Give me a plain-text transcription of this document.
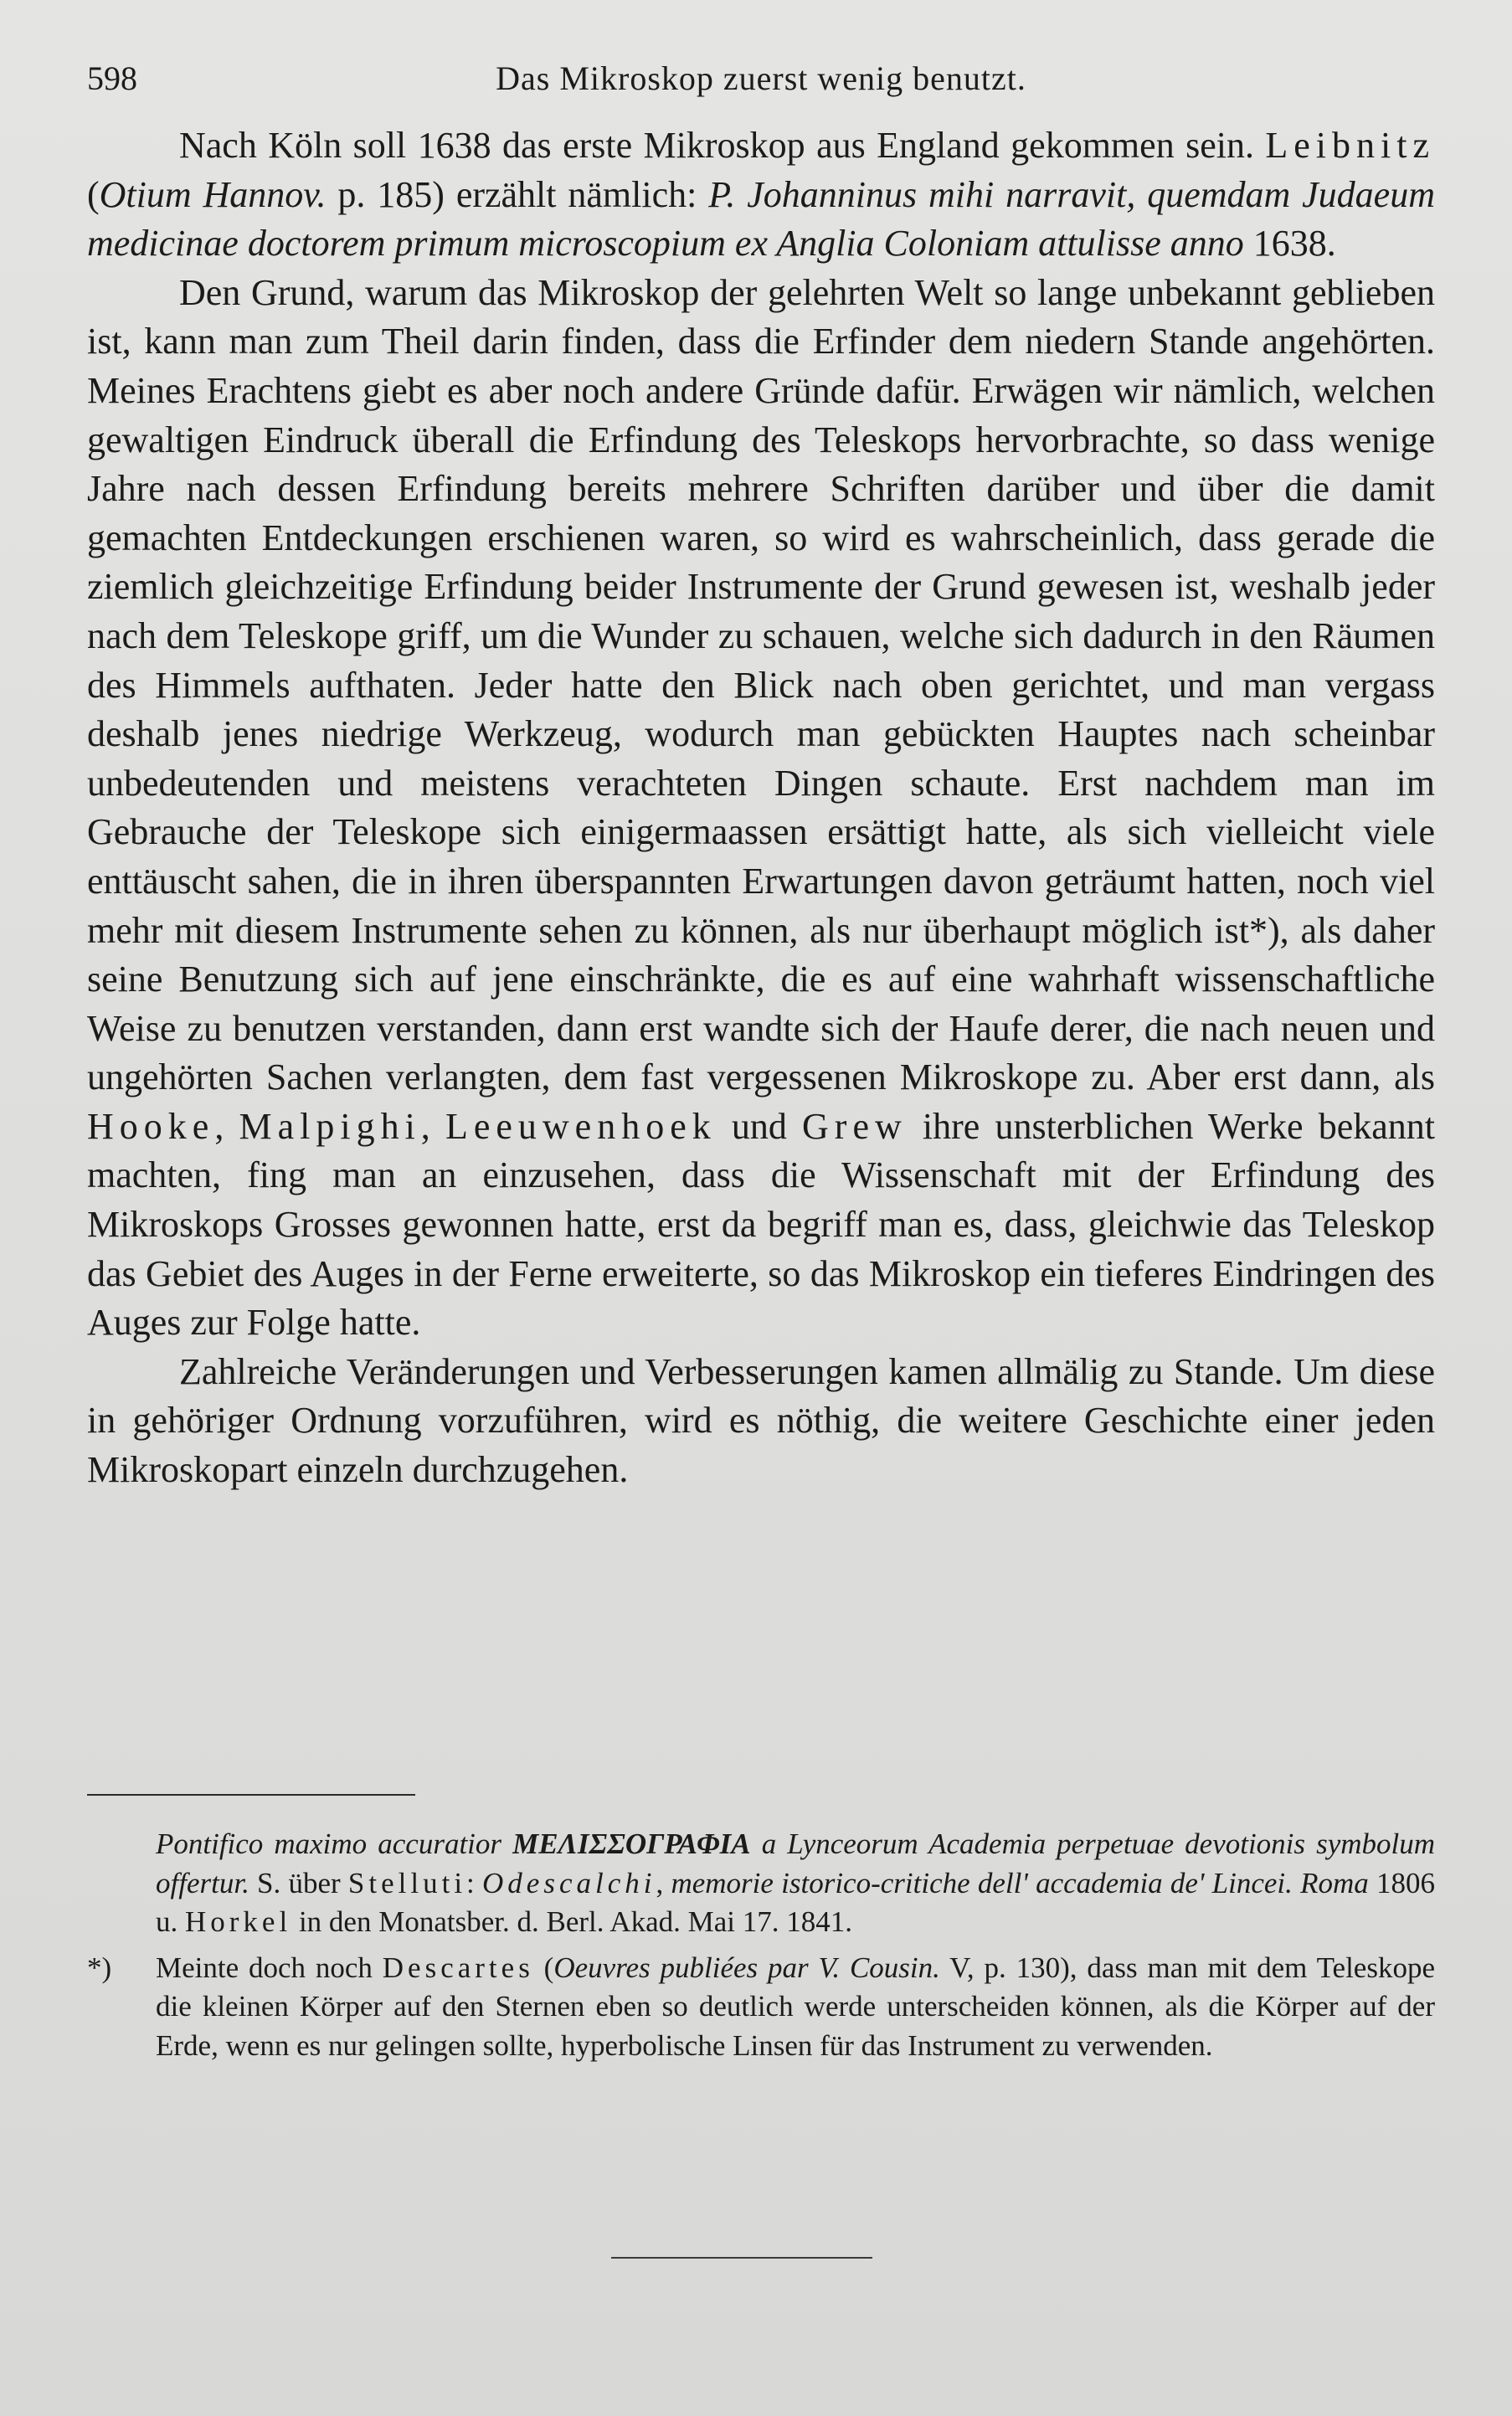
598	Das Mikroskop zuerst wenig benutzt.

Nach Köln soll 1638 das erste Mikroskop aus England gekommen sein. Leibnitz (Otium Hannov. p. 185) erzählt nämlich: P. Johanninus mihi narravit, quemdam Judaeum medicinae doctorem primum microscopium ex Anglia Coloniam attulisse anno 1638.

Den Grund, warum das Mikroskop der gelehrten Welt so lange unbekannt geblieben ist, kann man zum Theil darin finden, dass die Erfinder dem niedern Stande angehörten. Meines Erachtens giebt es aber noch andere Gründe dafür. Erwägen wir nämlich, welchen gewaltigen Eindruck überall die Erfindung des Teleskops hervorbrachte, so dass wenige Jahre nach dessen Erfindung bereits mehrere Schriften darüber und über die damit gemachten Entdeckungen erschienen waren, so wird es wahrscheinlich, dass gerade die ziemlich gleichzeitige Erfindung beider Instrumente der Grund gewesen ist, weshalb jeder nach dem Teleskope griff, um die Wunder zu schauen, welche sich dadurch in den Räumen des Himmels aufthaten. Jeder hatte den Blick nach oben gerichtet, und man vergass deshalb jenes niedrige Werkzeug, wodurch man gebückten Hauptes nach scheinbar unbedeutenden und meistens verachteten Dingen schaute. Erst nachdem man im Gebrauche der Teleskope sich einigermaassen ersättigt hatte, als sich vielleicht viele enttäuscht sahen, die in ihren überspannten Erwartungen davon geträumt hatten, noch viel mehr mit diesem Instrumente sehen zu können, als nur überhaupt möglich ist*), als daher seine Benutzung sich auf jene einschränkte, die es auf eine wahrhaft wissenschaftliche Weise zu benutzen verstanden, dann erst wandte sich der Haufe derer, die nach neuen und ungehörten Sachen verlangten, dem fast vergessenen Mikroskope zu. Aber erst dann, als Hooke, Malpighi, Leeuwenhoek und Grew ihre unsterblichen Werke bekannt machten, fing man an einzusehen, dass die Wissenschaft mit der Erfindung des Mikroskops Grosses gewonnen hatte, erst da begriff man es, dass, gleichwie das Teleskop das Gebiet des Auges in der Ferne erweiterte, so das Mikroskop ein tieferes Eindringen des Auges zur Folge hatte.

Zahlreiche Veränderungen und Verbesserungen kamen allmälig zu Stande. Um diese in gehöriger Ordnung vorzuführen, wird es nöthig, die weitere Geschichte einer jeden Mikroskopart einzeln durchzugehen.

Pontifico maximo accuratior ΜΕΛΙΣΣΟΓΡΑΦΙΑ a Lynceorum Academia perpetuae devotionis symbolum offertur. S. über Stelluti: Odescalchi, memorie istorico-critiche dell' accademia de' Lincei. Roma 1806 u. Horkel in den Monatsber. d. Berl. Akad. Mai 17. 1841.

*) Meinte doch noch Descartes (Oeuvres publiées par V. Cousin. V, p. 130), dass man mit dem Teleskope die kleinen Körper auf den Sternen eben so deutlich werde unterscheiden können, als die Körper auf der Erde, wenn es nur gelingen sollte, hyperbolische Linsen für das Instrument zu verwenden.
